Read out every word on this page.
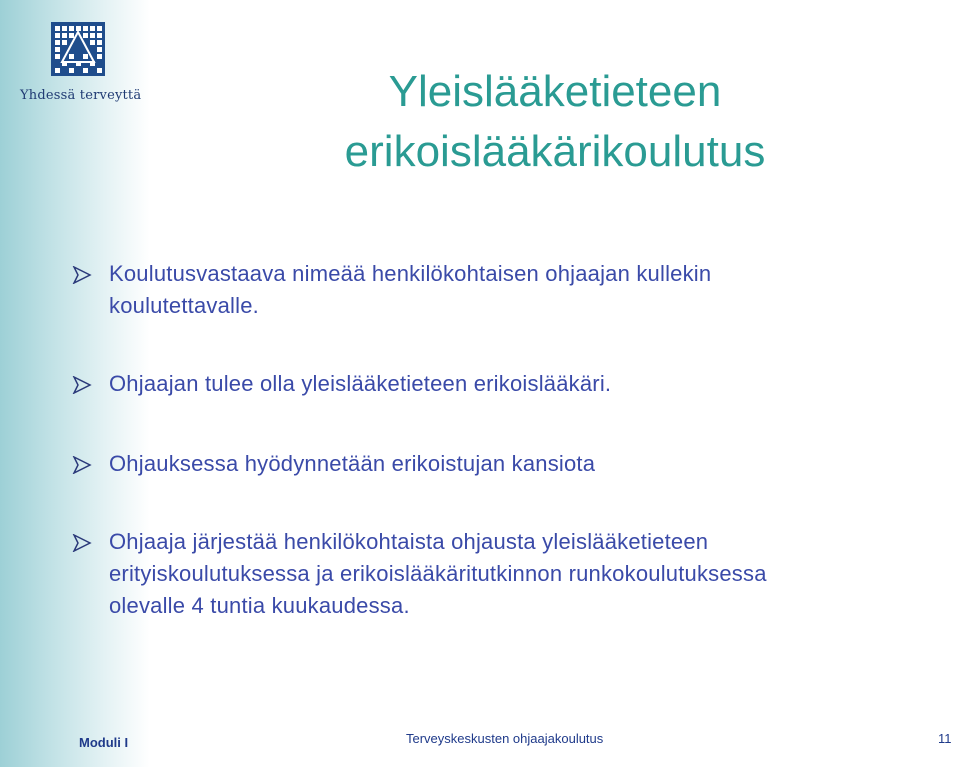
Yhdessä terveyttä	Yleislääketieteen
erikoislääkärikoulutus
Koulutusvastaava nimeää henkilökohtaisen ohjaajan kullekin
koulutettavalle.
Ohjaajan tulee olla yleislääketieteen erikoislääkäri.
Ohjauksessa hyödynnetään erikoistujan kansiota
Ohjaaja järjestää henkilökohtaista ohjausta yleislääketieteen
erityiskoulutuksessa ja erikoislääkäritutkinnon runkokoulutuksessa
olevalle 4 tuntia kuukaudessa.
Moduli I	Terveyskeskusten ohjaajakoulutus	11
